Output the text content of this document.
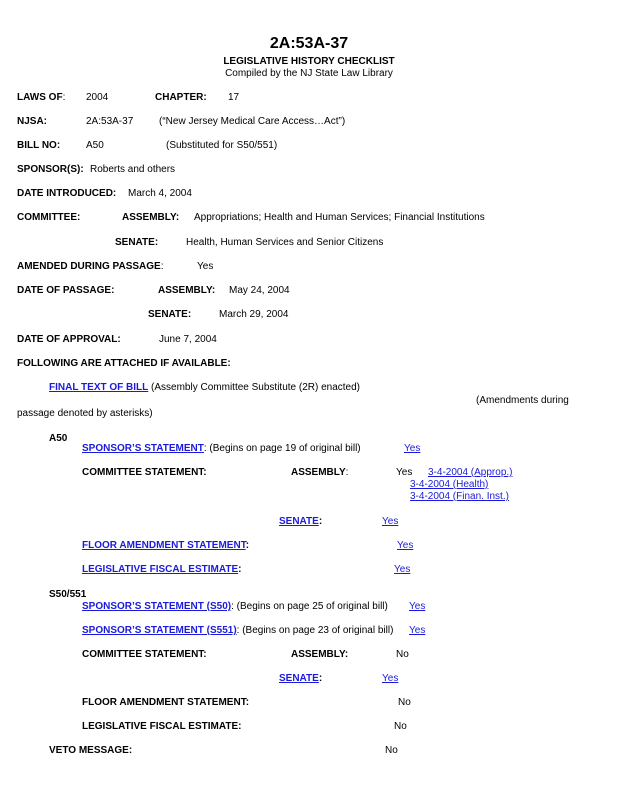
2A:53A-37
LEGISLATIVE HISTORY CHECKLIST
Compiled by the NJ State Law Library
LAWS OF: 2004	CHAPTER: 17
NJSA:	2A:53A-37	(“New Jersey Medical Care Access…Act”)
BILL NO:	A50	(Substituted for S50/551)
SPONSOR(S): Roberts and others
DATE INTRODUCED: March 4, 2004
COMMITTEE:	ASSEMBLY: Appropriations; Health and Human Services; Financial Institutions
SENATE:	Health, Human Services and Senior Citizens
AMENDED DURING PASSAGE:	Yes
DATE OF PASSAGE:	ASSEMBLY: May 24, 2004
SENATE:	March 29, 2004
DATE OF APPROVAL:	June 7, 2004
FOLLOWING ARE ATTACHED IF AVAILABLE:
FINAL TEXT OF BILL (Assembly Committee Substitute (2R) enacted)
(Amendments during
passage denoted by asterisks)
A50
SPONSOR’S STATEMENT: (Begins on page 19 of original bill)	Yes
COMMITTEE STATEMENT:	ASSEMBLY:	Yes 3-4-2004 (Approp.)
3-4-2004 (Health)
3-4-2004 (Finan. Inst.)
SENATE:	Yes
FLOOR AMENDMENT STATEMENT:	Yes
LEGISLATIVE FISCAL ESTIMATE:	Yes
S50/551
SPONSOR’S STATEMENT (S50): (Begins on page 25 of original bill) Yes
SPONSOR’S STATEMENT (S551): (Begins on page 23 of original bill) Yes
COMMITTEE STATEMENT:	ASSEMBLY:	No
SENATE:	Yes
FLOOR AMENDMENT STATEMENT:	No
LEGISLATIVE FISCAL ESTIMATE:	No
VETO MESSAGE:	No
